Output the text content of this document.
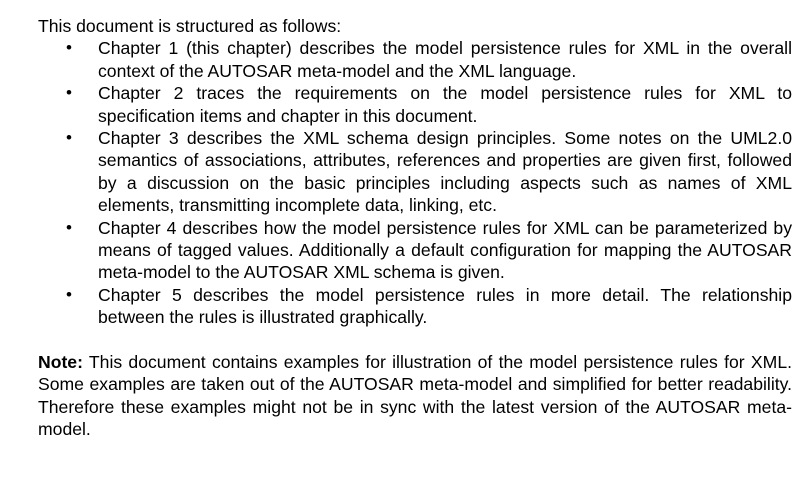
This document is structured as follows:

• Chapter 1 (this chapter) describes the model persistence rules for XML in the overall context of the AUTOSAR meta-model and the XML language.
• Chapter 2 traces the requirements on the model persistence rules for XML to specification items and chapter in this document.
• Chapter 3 describes the XML schema design principles. Some notes on the UML2.0 semantics of associations, attributes, references and properties are given first, followed by a discussion on the basic principles including aspects such as names of XML elements, transmitting incomplete data, linking, etc.
• Chapter 4 describes how the model persistence rules for XML can be parameterized by means of tagged values. Additionally a default configuration for mapping the AUTOSAR meta-model to the AUTOSAR XML schema is given.
• Chapter 5 describes the model persistence rules in more detail. The relationship between the rules is illustrated graphically.

Note: This document contains examples for illustration of the model persistence rules for XML. Some examples are taken out of the AUTOSAR meta-model and simplified for better readability. Therefore these examples might not be in sync with the latest version of the AUTOSAR meta-model.
